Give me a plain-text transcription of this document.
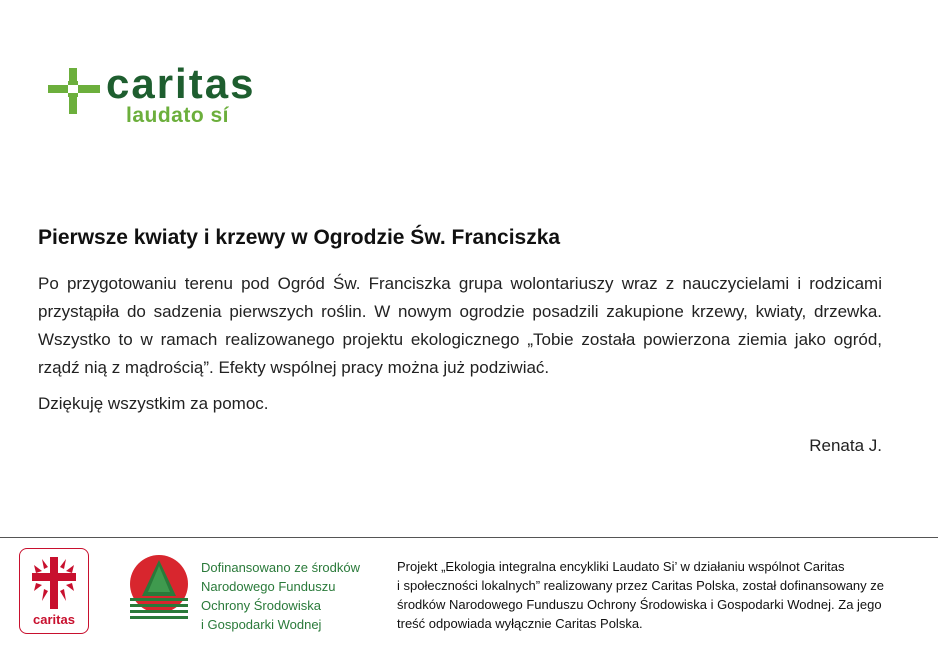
caritas
laudato sí
Pierwsze kwiaty i krzewy w Ogrodzie Św. Franciszka
Po przygotowaniu terenu pod Ogród Św. Franciszka grupa wolontariuszy wraz z nauczycielami i rodzicami przystąpiła do sadzenia pierwszych roślin. W nowym ogrodzie posadzili zakupione krzewy, kwiaty, drzewka. Wszystko to w ramach realizowanego projektu ekologicznego „Tobie została powierzona ziemia jako ogród, rządź nią z mądrością”. Efekty wspólnej pracy można już podziwiać.
Dziękuję wszystkim za pomoc.
Renata J.
caritas
Dofinansowano ze środków
Narodowego Funduszu
Ochrony Środowiska
i Gospodarki Wodnej
Projekt „Ekologia integralna encykliki Laudato Si’ w działaniu wspólnot Caritas
i społeczności lokalnych” realizowany przez Caritas Polska, został dofinansowany ze
środków Narodowego Funduszu Ochrony Środowiska i Gospodarki Wodnej. Za jego
treść odpowiada wyłącznie Caritas Polska.
